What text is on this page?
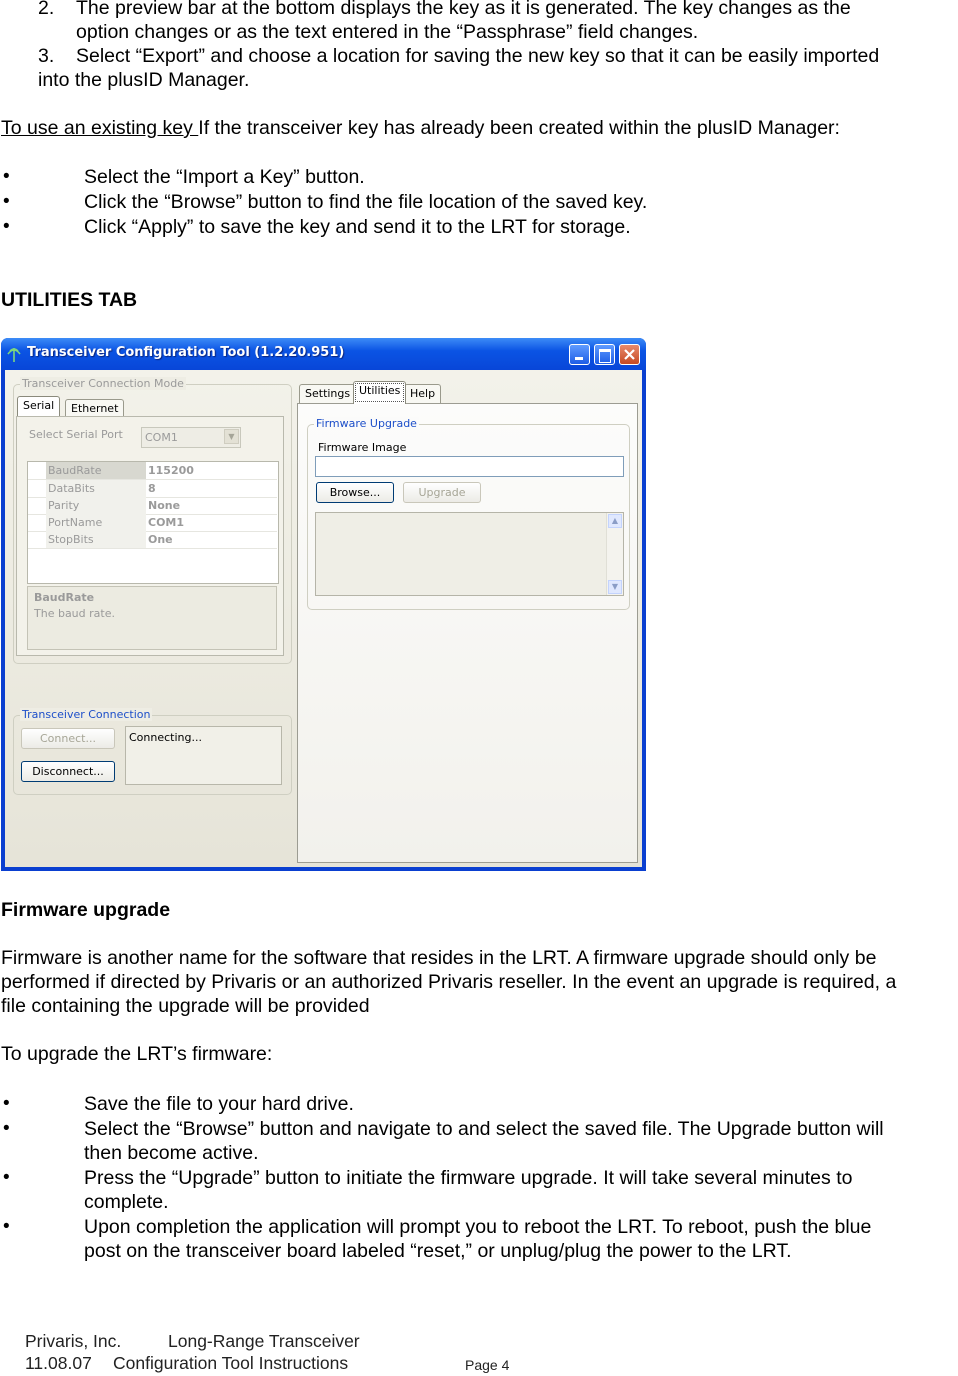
2. The preview bar at the bottom displays the key as it is generated. The key changes as the
option changes or as the text entered in the “Passphrase” field changes.
3. Select “Export” and choose a location for saving the new key so that it can be easily imported
into the plusID Manager.
To use an existing key If the transceiver key has already been created within the plusID Manager:
•	Select the “Import a Key” button.
•	Click the “Browse” button to find the file location of the saved key.
•	Click “Apply” to save the key and send it to the LRT for storage.
UTILITIES TAB
Transceiver Configuration Tool (1.2.20.951)
Transceiver Connection Mode
Serial	Ethernet
Select Serial Port COM1	▼
BaudRate	115200
DataBits	8
Parity	None
PortName	COM1
StopBits	One
BaudRate
The baud rate.
Transceiver Connection
Connect...
Disconnect...
Connecting...
Settings Utilities Help
Firmware Upgrade
Firmware Image
Browse...	Upgrade
▲
▼
Firmware upgrade
Firmware is another name for the software that resides in the LRT. A firmware upgrade should only be
performed if directed by Privaris or an authorized Privaris reseller. In the event an upgrade is required, a
file containing the upgrade will be provided
To upgrade the LRT’s firmware:
•	Save the file to your hard drive.
•	Select the “Browse” button and navigate to and select the saved file. The Upgrade button will
then become active.
•	Press the “Upgrade” button to initiate the firmware upgrade. It will take several minutes to
complete.
•	Upon completion the application will prompt you to reboot the LRT. To reboot, push the blue
post on the transceiver board labeled “reset,” or unplug/plug the power to the LRT.
Privaris, Inc.	Long-Range Transceiver
11.08.07 Configuration Tool Instructions	Page 4
